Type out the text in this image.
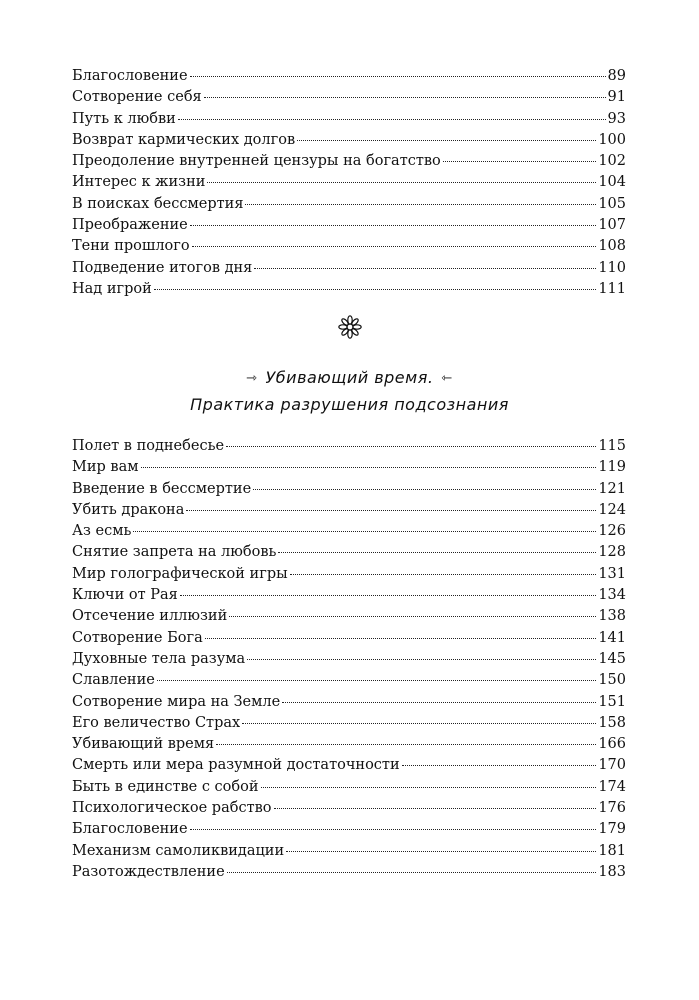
Благословение	89
Сотворение себя	91
Путь к любви	93
Возврат кармических долгов	100
Преодоление внутренней цензуры на богатство	102
Интерес к жизни	104
В поисках бессмертия	105
Преображение	107
Тени прошлого	108
Подведение итогов дня	110
Над игрой	111
⇾ Убивающий время. ⇽
Практика разрушения подсознания
Полет в поднебесье	115
Мир вам	119
Введение в бессмертие	121
Убить дракона	124
Аз есмь	126
Снятие запрета на любовь	128
Мир голографической игры	131
Ключи от Рая	134
Отсечение иллюзий	138
Сотворение Бога	141
Духовные тела разума	145
Славление	150
Сотворение мира на Земле	151
Его величество Страх	158
Убивающий время	166
Смерть или мера разумной достаточности	170
Быть в единстве с собой	174
Психологическое рабство	176
Благословение	179
Механизм самоликвидации	181
Разотождествление	183
